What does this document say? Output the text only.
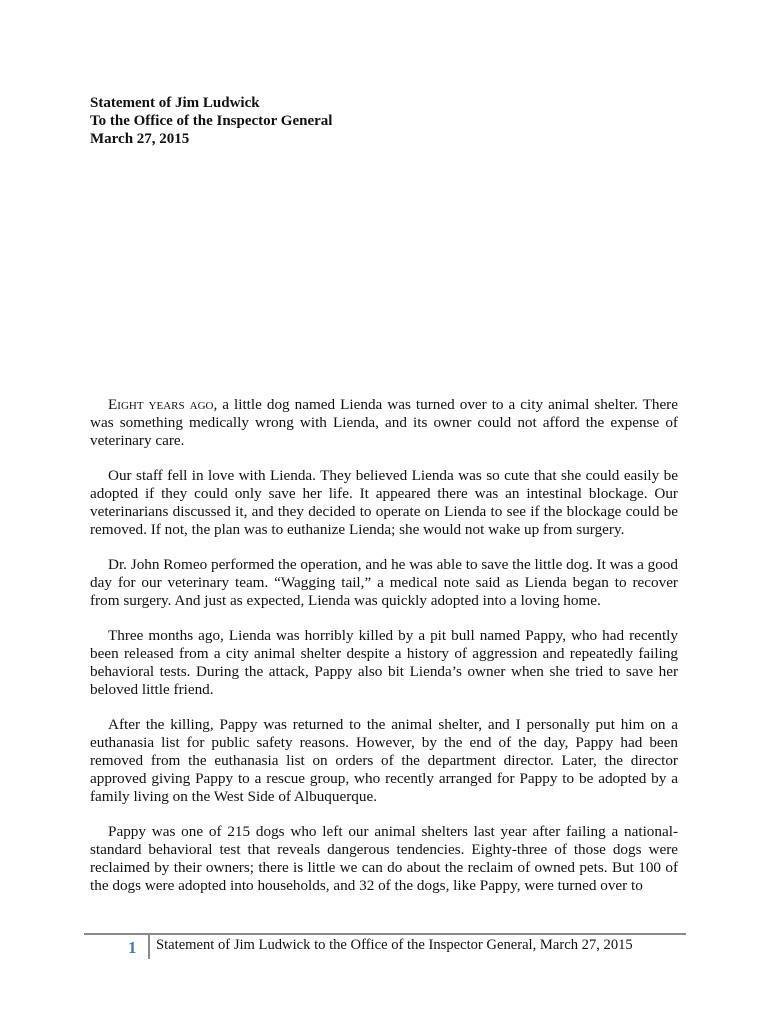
Statement of Jim Ludwick
To the Office of the Inspector General
March 27, 2015

Eight years ago, a little dog named Lienda was turned over to a city animal shelter. There was something medically wrong with Lienda, and its owner could not afford the expense of veterinary care.

Our staff fell in love with Lienda. They believed Lienda was so cute that she could easily be adopted if they could only save her life. It appeared there was an intestinal blockage. Our veterinarians discussed it, and they decided to operate on Lienda to see if the blockage could be removed. If not, the plan was to euthanize Lienda; she would not wake up from surgery.

Dr. John Romeo performed the operation, and he was able to save the little dog. It was a good day for our veterinary team. “Wagging tail,” a medical note said as Lienda began to recover from surgery. And just as expected, Lienda was quickly adopted into a loving home.

Three months ago, Lienda was horribly killed by a pit bull named Pappy, who had recently been released from a city animal shelter despite a history of aggression and repeatedly failing behavioral tests. During the attack, Pappy also bit Lienda’s owner when she tried to save her beloved little friend.

After the killing, Pappy was returned to the animal shelter, and I personally put him on a euthanasia list for public safety reasons. However, by the end of the day, Pappy had been removed from the euthanasia list on orders of the department director. Later, the director approved giving Pappy to a rescue group, who recently arranged for Pappy to be adopted by a family living on the West Side of Albuquerque.

Pappy was one of 215 dogs who left our animal shelters last year after failing a national-standard behavioral test that reveals dangerous tendencies. Eighty-three of those dogs were reclaimed by their owners; there is little we can do about the reclaim of owned pets. But 100 of the dogs were adopted into households, and 32 of the dogs, like Pappy, were turned over to

1 Statement of Jim Ludwick to the Office of the Inspector General, March 27, 2015
